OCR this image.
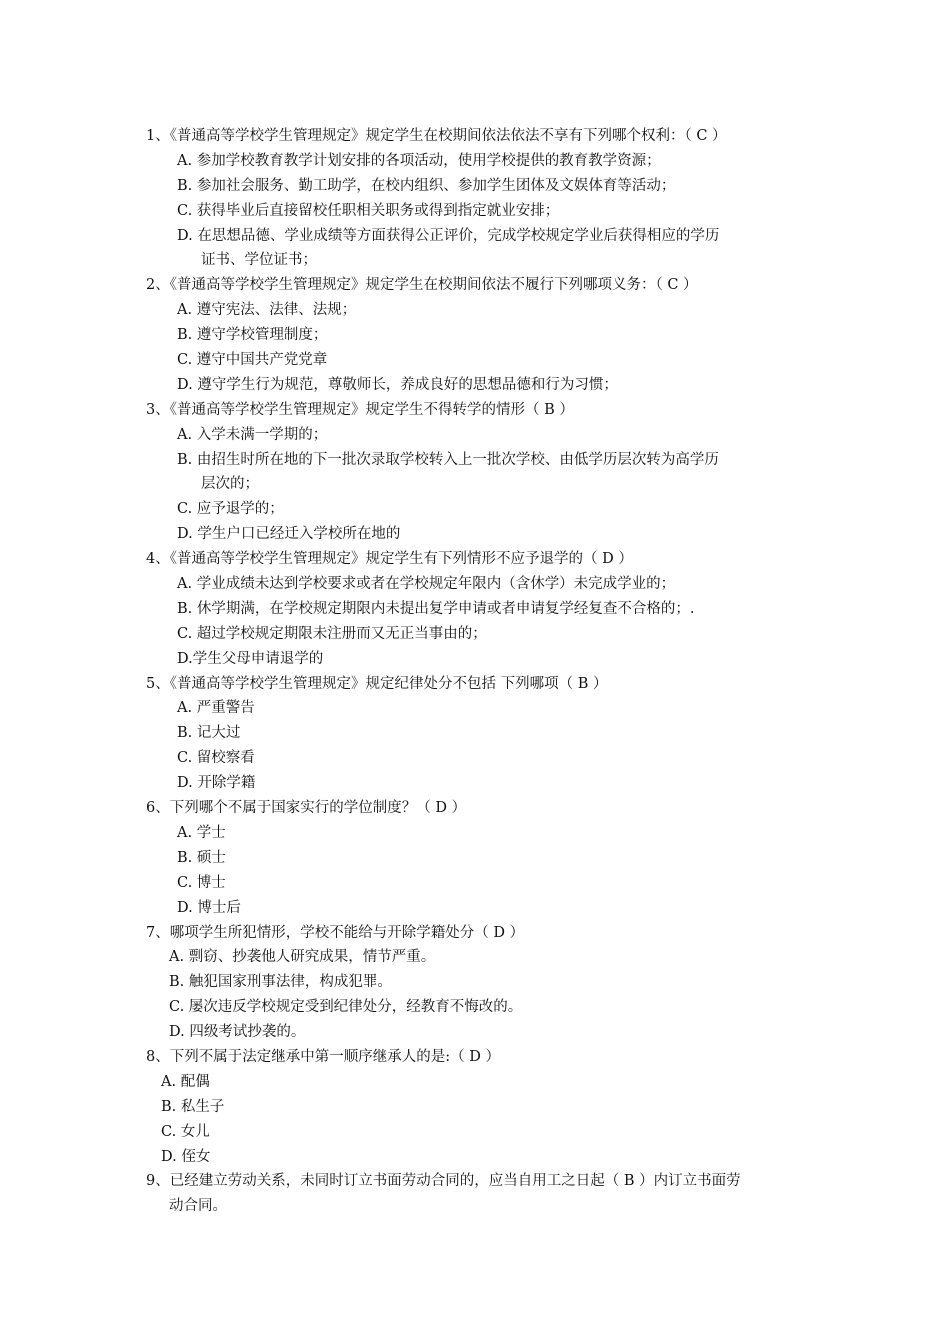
1、《普通高等学校学生管理规定》规定学生在校期间依法依法不享有下列哪个权利：（ C ）
A. 参加学校教育教学计划安排的各项活动，使用学校提供的教育教学资源；
B. 参加社会服务、勤工助学，在校内组织、参加学生团体及文娱体育等活动；
C. 获得毕业后直接留校任职相关职务或得到指定就业安排；
D. 在思想品德、学业成绩等方面获得公正评价，完成学校规定学业后获得相应的学历
证书、学位证书；
2、《普通高等学校学生管理规定》规定学生在校期间依法不履行下列哪项义务：（ C ）
A. 遵守宪法、法律、法规；
B. 遵守学校管理制度；
C. 遵守中国共产党党章
D. 遵守学生行为规范，尊敬师长，养成良好的思想品德和行为习惯；
3、《普通高等学校学生管理规定》规定学生不得转学的情形（ B ）
A. 入学未满一学期的；
B. 由招生时所在地的下一批次录取学校转入上一批次学校、由低学历层次转为高学历
层次的；
C. 应予退学的；
D. 学生户口已经迁入学校所在地的
4、《普通高等学校学生管理规定》规定学生有下列情形不应予退学的（ D ）
A. 学业成绩未达到学校要求或者在学校规定年限内（含休学）未完成学业的；
B. 休学期满，在学校规定期限内未提出复学申请或者申请复学经复查不合格的；.
C. 超过学校规定期限未注册而又无正当事由的；
D.学生父母申请退学的
5、《普通高等学校学生管理规定》规定纪律处分不包括 下列哪项（ B ）
A. 严重警告
B. 记大过
C. 留校察看
D. 开除学籍
6、下列哪个不属于国家实行的学位制度？（ D ）
A. 学士
B. 硕士
C. 博士
D. 博士后
7、哪项学生所犯情形，学校不能给与开除学籍处分（ D ）
A. 剽窃、抄袭他人研究成果，情节严重。
B. 触犯国家刑事法律，构成犯罪。
C. 屡次违反学校规定受到纪律处分，经教育不悔改的。
D. 四级考试抄袭的。
8、下列不属于法定继承中第一顺序继承人的是:（ D ）
A. 配偶
B. 私生子
C. 女儿
D. 侄女
9、已经建立劳动关系，未同时订立书面劳动合同的，应当自用工之日起（ B ）内订立书面劳
动合同。
